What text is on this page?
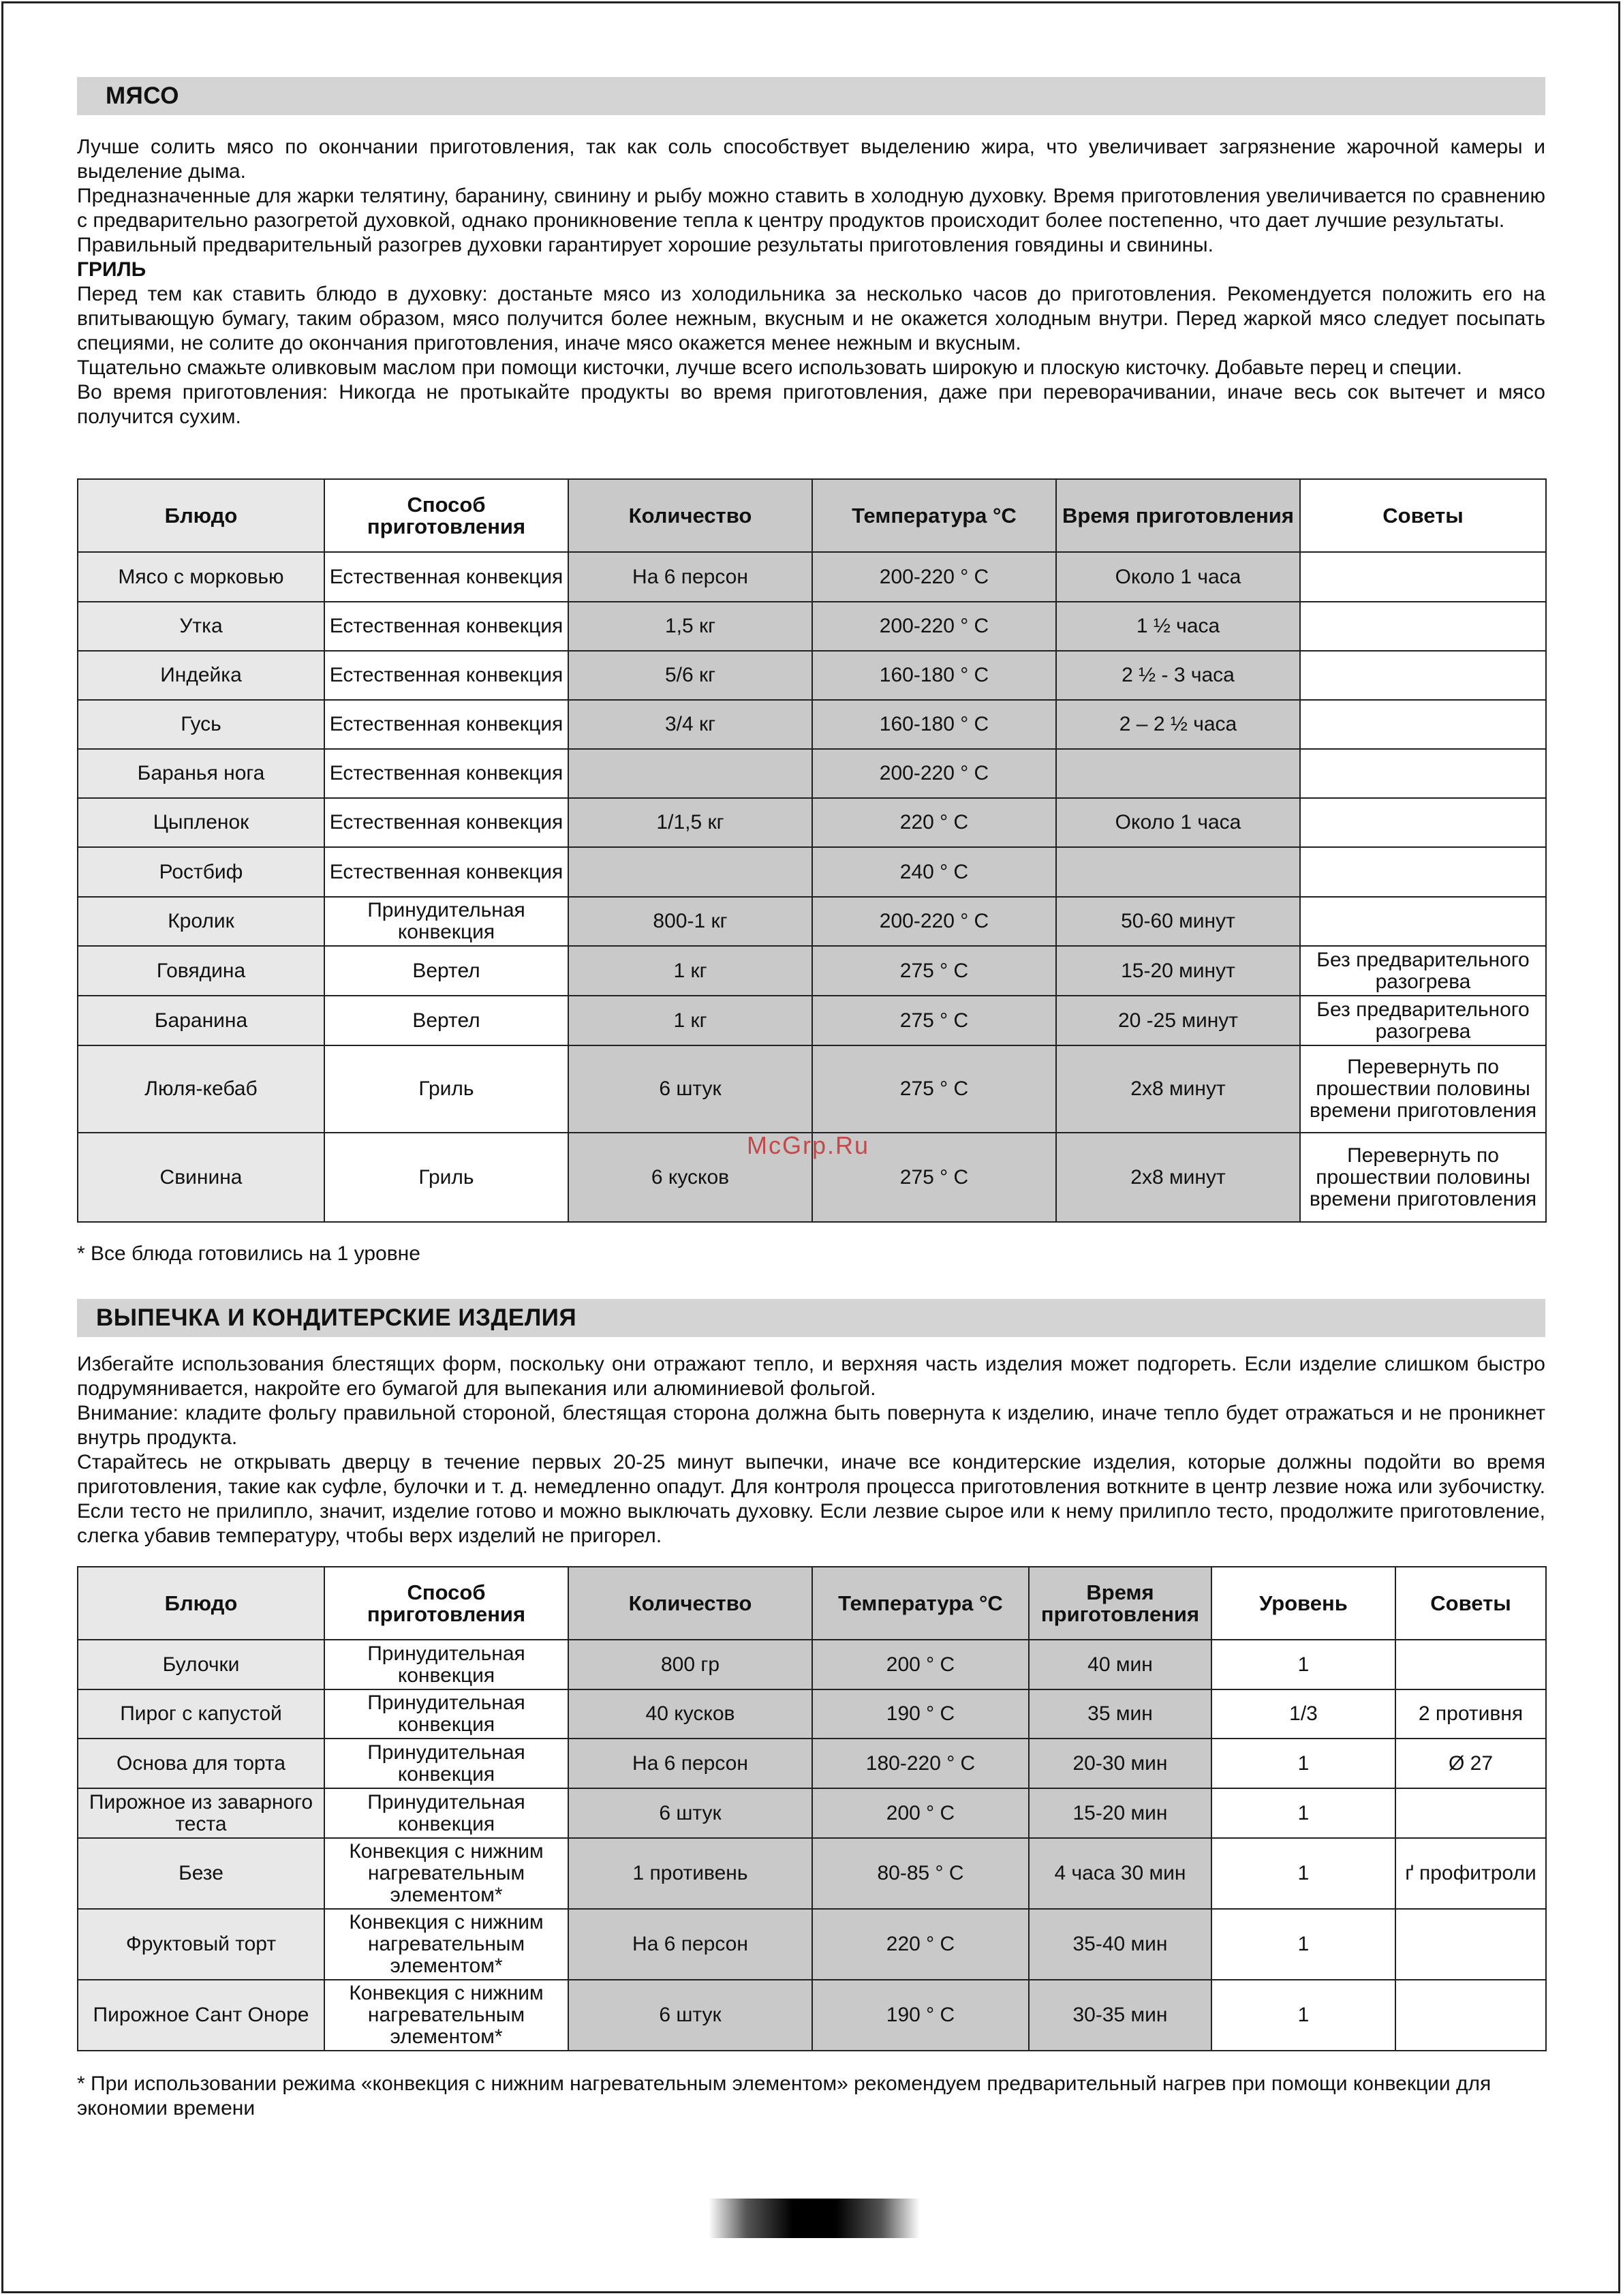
МЯСО

Лучше солить мясо по окончании приготовления, так как соль способствует выделению жира, что увеличивает загрязнение жарочной камеры и выделение дыма.

Предназначенные для жарки телятину, баранину, свинину и рыбу можно ставить в холодную духовку. Время приготовления увеличивается по сравнению с предварительно разогретой духовкой, однако проникновение тепла к центру продуктов происходит более постепенно, что дает лучшие результаты.

Правильный предварительный разогрев духовки гарантирует хорошие результаты приготовления говядины и свинины.

ГРИЛЬ

Перед тем как ставить блюдо в духовку: достаньте мясо из холодильника за несколько часов до приготовления. Рекомендуется положить его на впитывающую бумагу, таким образом, мясо получится более нежным, вкусным и не окажется холодным внутри. Перед жаркой мясо следует посыпать специями, не солите до окончания приготовления, иначе мясо окажется менее нежным и вкусным.

Тщательно смажьте оливковым маслом при помощи кисточки, лучше всего использовать широкую и плоскую кисточку. Добавьте перец и специи.

Во время приготовления: Никогда не протыкайте продукты во время приготовления, даже при переворачивании, иначе весь сок вытечет и мясо получится сухим.

Блюдо	Способ приготовления	Количество	Температура °С	Время приготовления	Советы
Мясо с морковью	Естественная конвекция	На 6 персон	200-220 ° С	Около 1 часа	
Утка	Естественная конвекция	1,5 кг	200-220 ° С	1 ½ часа	
Индейка	Естественная конвекция	5/6 кг	160-180 ° С	2 ½ - 3 часа	
Гусь	Естественная конвекция	3/4 кг	160-180 ° С	2 – 2 ½ часа	
Баранья нога	Естественная конвекция		200-220 ° С		
Цыпленок	Естественная конвекция	1/1,5 кг	220 ° С	Около 1 часа	
Ростбиф	Естественная конвекция		240 ° С		
Кролик	Принудительная конвекция	800-1 кг	200-220 ° С	50-60 минут	
Говядина	Вертел	1 кг	275 ° С	15-20 минут	Без предварительного разогрева
Баранина	Вертел	1 кг	275 ° С	20 -25 минут	Без предварительного разогрева
Люля-кебаб	Гриль	6 штук	275 ° С	2х8 минут	Перевернуть по прошествии половины времени приготовления
Свинина	Гриль	6 кусков	275 ° С	2х8 минут	Перевернуть по прошествии половины времени приготовления
* Все блюда готовились на 1 уровне
McGrp.Ru
ВЫПЕЧКА И КОНДИТЕРСКИЕ ИЗДЕЛИЯ

Избегайте использования блестящих форм, поскольку они отражают тепло, и верхняя часть изделия может подгореть. Если изделие слишком быстро подрумянивается, накройте его бумагой для выпекания или алюминиевой фольгой.

Внимание: кладите фольгу правильной стороной, блестящая сторона должна быть повернута к изделию, иначе тепло будет отражаться и не проникнет внутрь продукта.

Старайтесь не открывать дверцу в течение первых 20-25 минут выпечки, иначе все кондитерские изделия, которые должны подойти во время приготовления, такие как суфле, булочки и т. д. немедленно опадут. Для контроля процесса приготовления воткните в центр лезвие ножа или зубочистку. Если тесто не прилипло, значит, изделие готово и можно выключать духовку. Если лезвие сырое или к нему прилипло тесто, продолжите приготовление, слегка убавив температуру, чтобы верх изделий не пригорел.

Блюдо	Способ приготовления	Количество	Температура °С	Время приготовления	Уровень	Советы
Булочки	Принудительная конвекция	800 гр	200 ° С	40 мин	1	
Пирог с капустой	Принудительная конвекция	40 кусков	190 ° С	35 мин	1/3	2 противня
Основа для торта	Принудительная конвекция	На 6 персон	180-220 ° С	20-30 мин	1	Ø 27
Пирожное из заварного теста	Принудительная конвекция	6 штук	200 ° С	15-20 мин	1	
Безе	Конвекция с нижним нагревательным элементом*	1 противень	80-85 ° С	4 часа 30 мин	1	ґ профитроли
Фруктовый торт	Конвекция с нижним нагревательным элементом*	На 6 персон	220 ° С	35-40 мин	1	
Пирожное Сант Оноре	Конвекция с нижним нагревательным элементом*	6 штук	190 ° С	30-35 мин	1	
* При использовании режима «конвекция с нижним нагревательным элементом» рекомендуем предварительный нагрев при помощи конвекции для экономии времени
